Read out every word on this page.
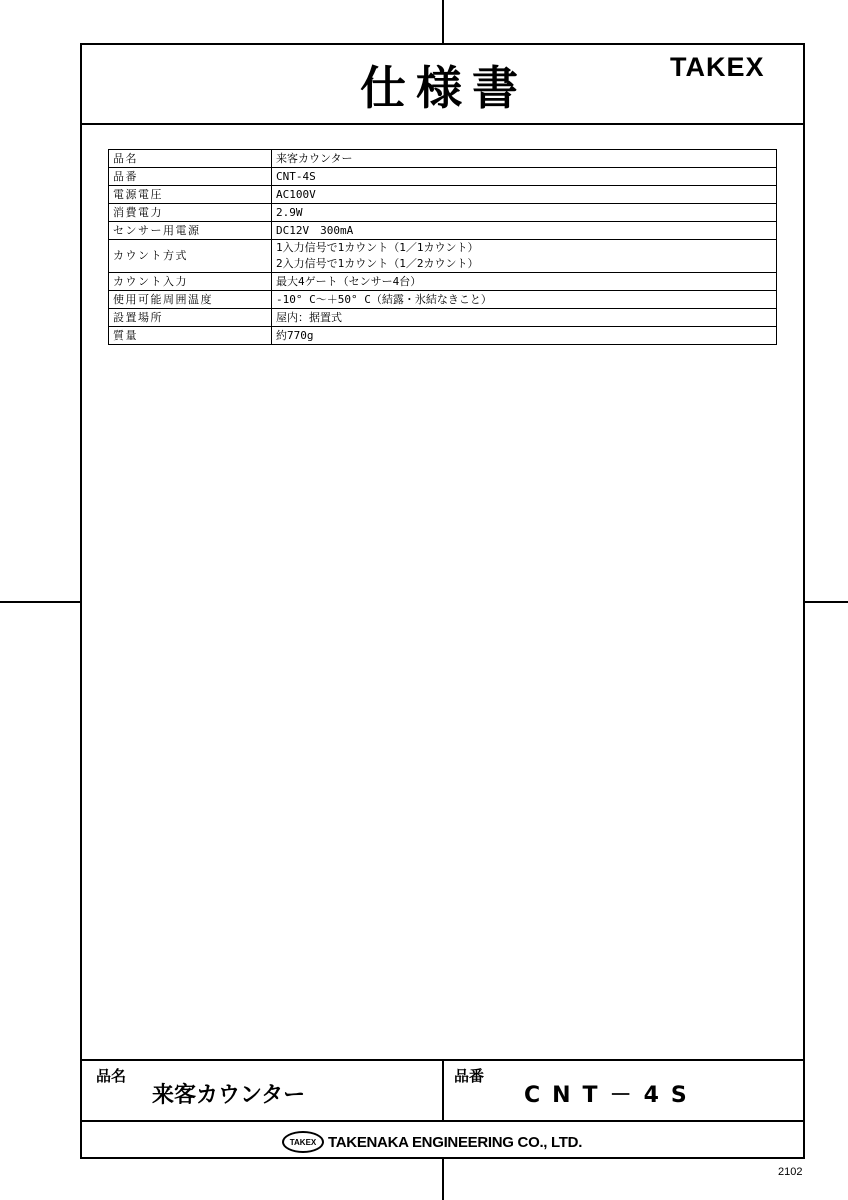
仕様書	TAKEX
品名	来客カウンター
品番	CNT-4S
電源電圧	AC100V
消費電力	2.9W
センサー用電源	DC12V　300mA
カウント方式	1入力信号で1カウント（1／1カウント）
2入力信号で1カウント（1／2カウント）

カウント入力	最大4ゲート（センサー4台）
使用可能周囲温度	-10° C～＋50° C（結露・氷結なきこと）
設置場所	屋内：据置式
質量	約770g
品名
来客カウンター
品番
CNT－4S
TAKEX TAKENAKA ENGINEERING CO., LTD.
2102
